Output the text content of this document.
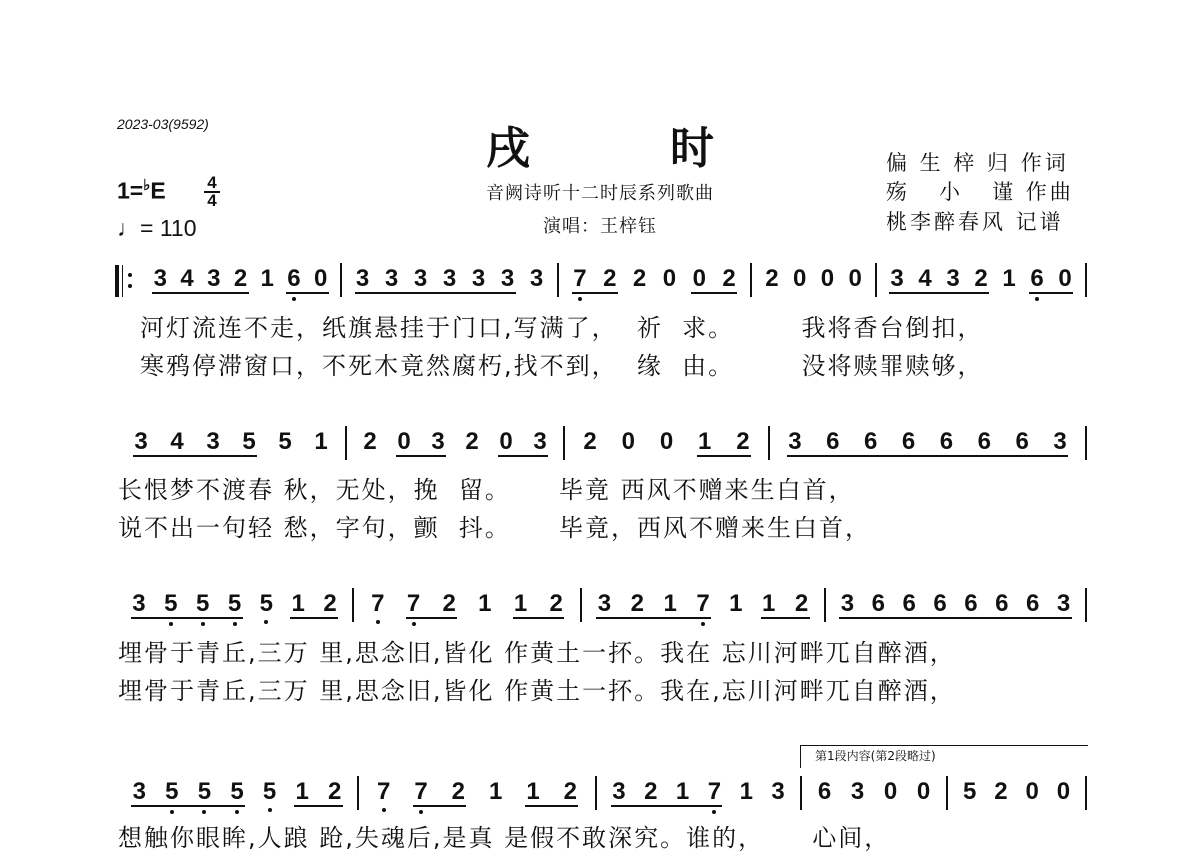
2023-03(9592)	戌时
音阙诗听十二时辰系列歌曲
演唱：王梓钰
偏 生 梓 归 作词
殇   小   谨 作曲
桃李醉春风 记谱
1=♭E 4
4
♩= 110
第1段内容(第2段略过)
3 4 3 2 1 6 0 3 3 3 3 3 3 3 7 2 2 0 0 2 2 0 0 0 3 4 3 2 1 6 0
河灯流连不走，纸旗悬挂于门口,写满了，  祈  求。       我将香台倒扣，
寒鸦停滞窗口，不死木竟然腐朽,找不到，  缘  由。       没将赎罪赎够，
3 4 3 5 5 1 2 0 3 2 0 3 2 0 0 1 2 3 6 6 6 6 6 6 3
长恨梦不渡春 秋，无处，挽  留。     毕竟 西风不赠来生白首，
说不出一句轻 愁，字句，颤  抖。     毕竟，西风不赠来生白首，
3 5 5 5 5 1 2 7 7 2 1 1 2 3 2 1 7 1 1 2 3 6 6 6 6 6 6 3
埋骨于青丘,三万 里,思念旧,皆化 作黄土一抔。我在 忘川河畔兀自醉酒，
埋骨于青丘,三万 里,思念旧,皆化 作黄土一抔。我在,忘川河畔兀自醉酒，
3 5 5 5 5 1 2 7 7 2 1 1 2 3 2 1 7 1 3 6 3 0 0 5 2 0 0
想触你眼眸,人踉 跄,失魂后,是真 是假不敢深究。谁的，     心间，
